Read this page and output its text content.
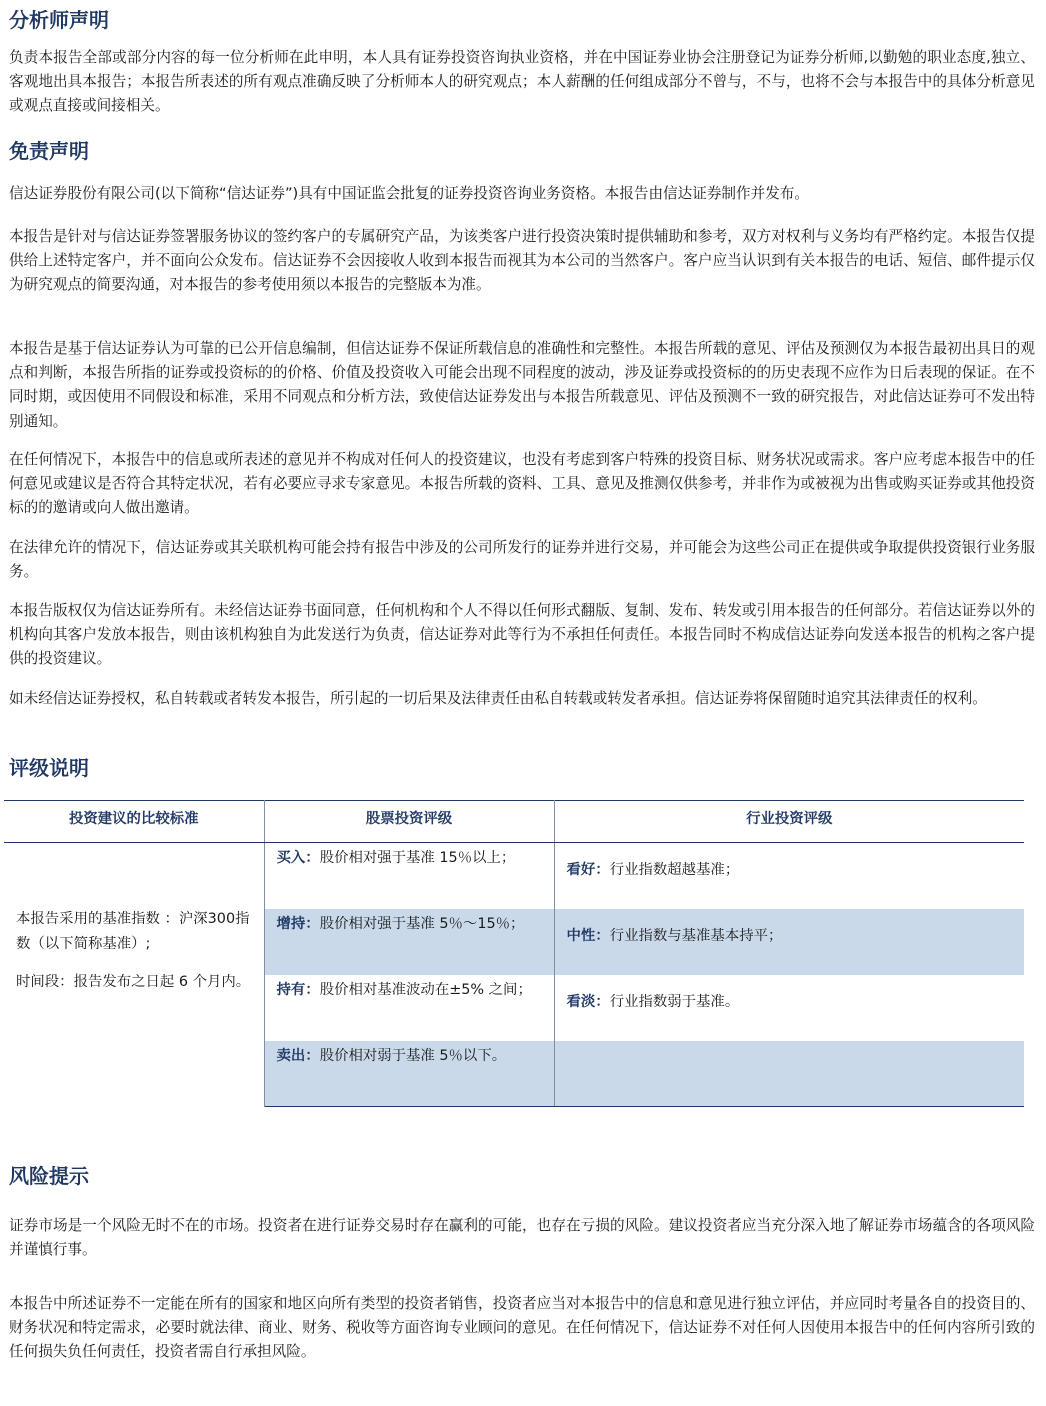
分析师声明

负责本报告全部或部分内容的每一位分析师在此申明，本人具有证券投资咨询执业资格，并在中国证券业协会注册登记为证券分析师,以勤勉的职业态度,独立、客观地出具本报告；本报告所表述的所有观点准确反映了分析师本人的研究观点；本人薪酬的任何组成部分不曾与，不与，也将不会与本报告中的具体分析意见或观点直接或间接相关。

免责声明

信达证券股份有限公司(以下简称“信达证券”)具有中国证监会批复的证券投资咨询业务资格。本报告由信达证券制作并发布。

本报告是针对与信达证券签署服务协议的签约客户的专属研究产品，为该类客户进行投资决策时提供辅助和参考，双方对权利与义务均有严格约定。本报告仅提供给上述特定客户，并不面向公众发布。信达证券不会因接收人收到本报告而视其为本公司的当然客户。客户应当认识到有关本报告的电话、短信、邮件提示仅为研究观点的简要沟通，对本报告的参考使用须以本报告的完整版本为准。

本报告是基于信达证券认为可靠的已公开信息编制，但信达证券不保证所载信息的准确性和完整性。本报告所载的意见、评估及预测仅为本报告最初出具日的观点和判断，本报告所指的证券或投资标的的价格、价值及投资收入可能会出现不同程度的波动，涉及证券或投资标的的历史表现不应作为日后表现的保证。在不同时期，或因使用不同假设和标准，采用不同观点和分析方法，致使信达证券发出与本报告所载意见、评估及预测不一致的研究报告，对此信达证券可不发出特别通知。

在任何情况下，本报告中的信息或所表述的意见并不构成对任何人的投资建议，也没有考虑到客户特殊的投资目标、财务状况或需求。客户应考虑本报告中的任何意见或建议是否符合其特定状况，若有必要应寻求专家意见。本报告所载的资料、工具、意见及推测仅供参考，并非作为或被视为出售或购买证券或其他投资标的的邀请或向人做出邀请。

在法律允许的情况下，信达证券或其关联机构可能会持有报告中涉及的公司所发行的证券并进行交易，并可能会为这些公司正在提供或争取提供投资银行业务服务。

本报告版权仅为信达证券所有。未经信达证券书面同意，任何机构和个人不得以任何形式翻版、复制、发布、转发或引用本报告的任何部分。若信达证券以外的机构向其客户发放本报告，则由该机构独自为此发送行为负责，信达证券对此等行为不承担任何责任。本报告同时不构成信达证券向发送本报告的机构之客户提供的投资建议。

如未经信达证券授权，私自转载或者转发本报告，所引起的一切后果及法律责任由私自转载或转发者承担。信达证券将保留随时追究其法律责任的权利。

评级说明
投资建议的比较标准	股票投资评级	行业投资评级

本报告采用的基准指数 ：沪深300指数（以下简称基准）;

时间段：报告发布之日起 6 个月内。	买入：股价相对强于基准 15％以上；	看好：行业指数超越基准；
	增持：股价相对强于基准 5％～15％；	中性：行业指数与基准基本持平；
	持有：股价相对基准波动在±5% 之间；	看淡：行业指数弱于基准。
	卖出：股价相对弱于基准 5％以下。	
风险提示

证券市场是一个风险无时不在的市场。投资者在进行证券交易时存在赢利的可能，也存在亏损的风险。建议投资者应当充分深入地了解证券市场蕴含的各项风险并谨慎行事。

本报告中所述证券不一定能在所有的国家和地区向所有类型的投资者销售，投资者应当对本报告中的信息和意见进行独立评估，并应同时考量各自的投资目的、财务状况和特定需求，必要时就法律、商业、财务、税收等方面咨询专业顾问的意见。在任何情况下，信达证券不对任何人因使用本报告中的任何内容所引致的任何损失负任何责任，投资者需自行承担风险。
